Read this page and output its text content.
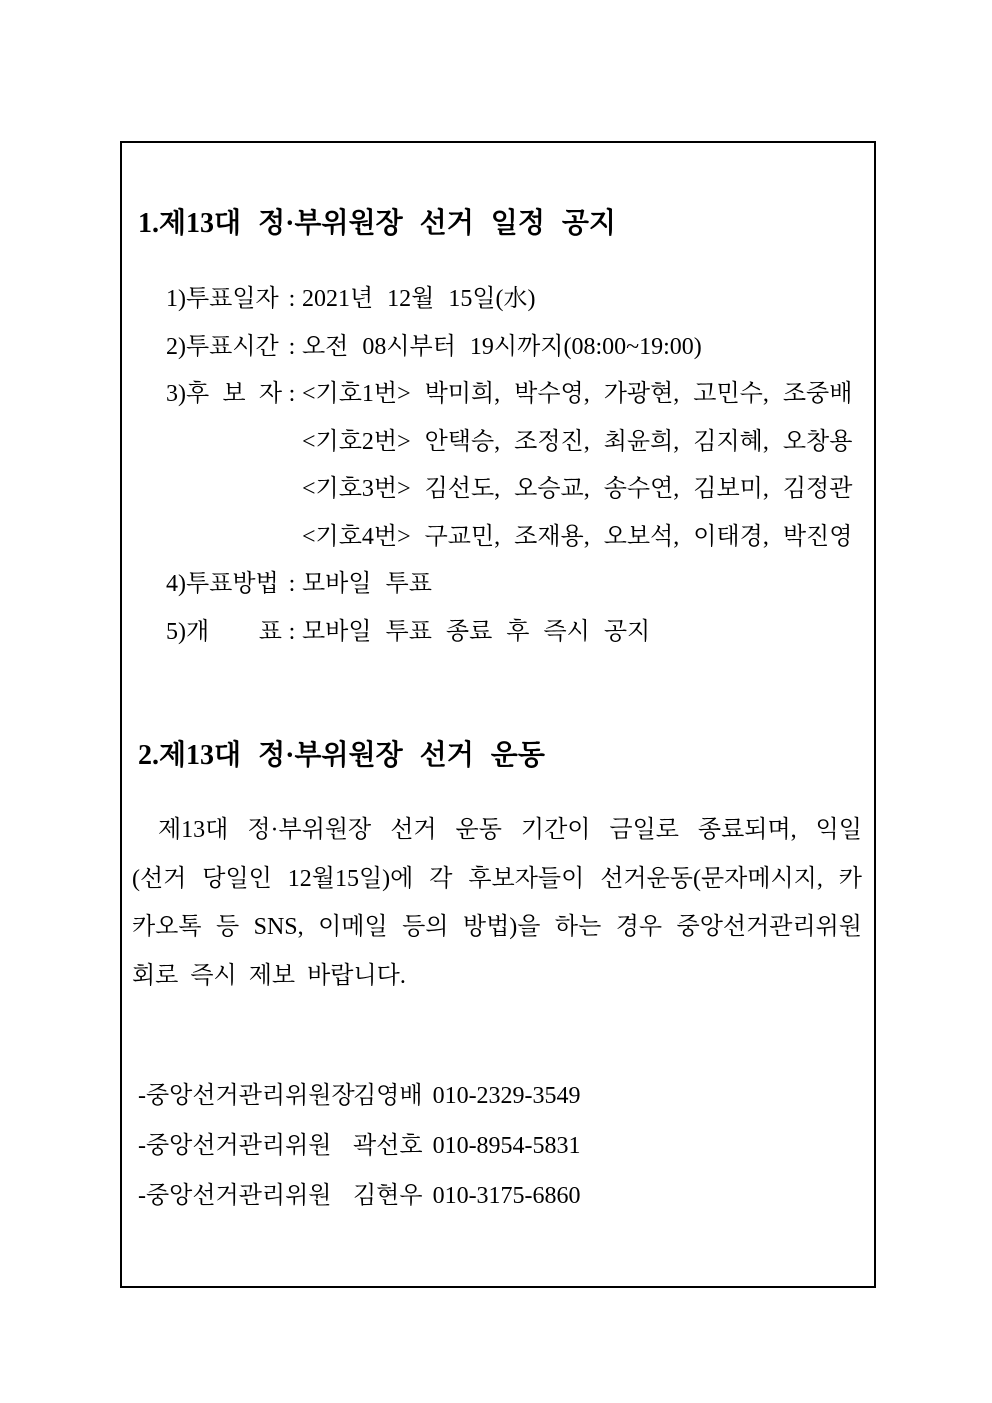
1.제13대 정·부위원장 선거 일정 공지
1)투표일자 : 2021년 12월 15일(水)
2)투표시간 : 오전 08시부터 19시까지(08:00~19:00)
3)후 보 자 : <기호1번> 박미희, 박수영, 가광현, 고민수, 조중배
<기호2번> 안택승, 조정진, 최윤희, 김지혜, 오창용
<기호3번> 김선도, 오승교, 송수연, 김보미, 김정관
<기호4번> 구교민, 조재용, 오보석, 이태경, 박진영
4)투표방법 : 모바일 투표
5)개 표 : 모바일 투표 종료 후 즉시 공지
2.제13대 정·부위원장 선거 운동
제13대 정·부위원장 선거 운동 기간이 금일로 종료되며, 익일
(선거 당일인 12월15일)에 각 후보자들이 선거운동(문자메시지, 카
카오톡 등 SNS, 이메일 등의 방법)을 하는 경우 중앙선거관리위원
회로 즉시 제보 바랍니다.
-중앙선거관리위원장김영배 010-2329-3549
-중앙선거관리위원 곽선호 010-8954-5831
-중앙선거관리위원 김현우 010-3175-6860
